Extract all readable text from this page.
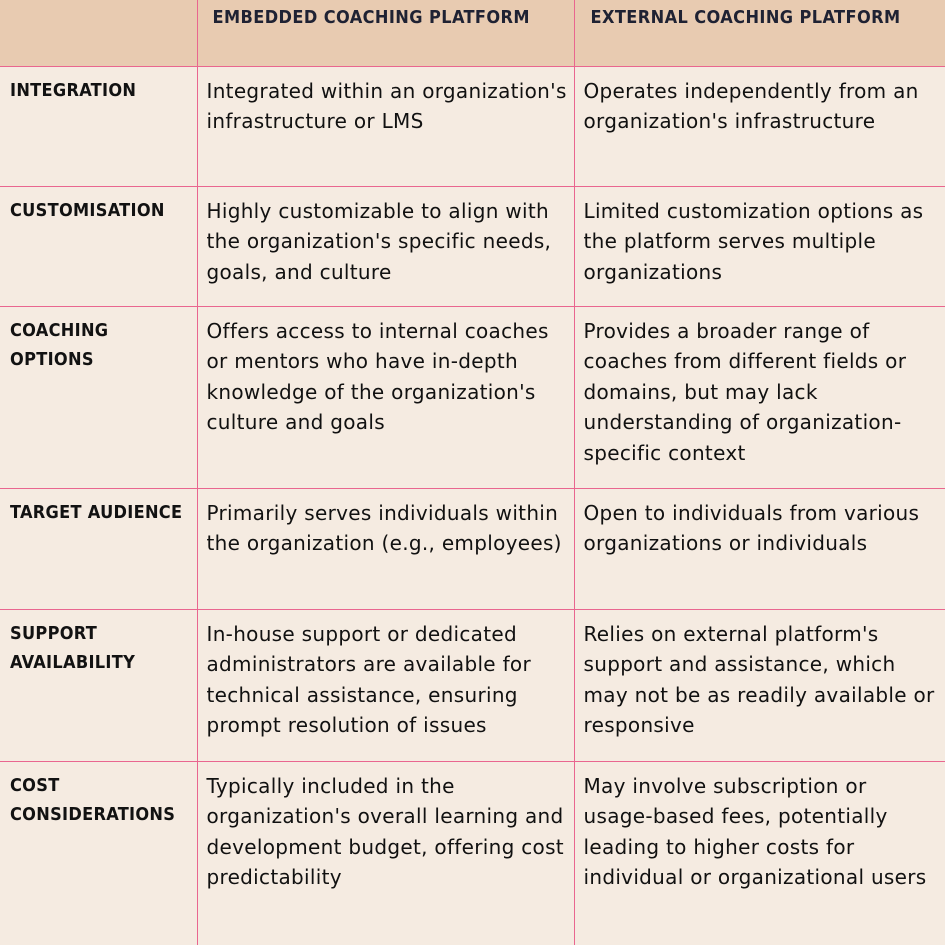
	EMBEDDED COACHING PLATFORM	EXTERNAL COACHING PLATFORM
INTEGRATION	Integrated within an organization's infrastructure or LMS	Operates independently from an organization's infrastructure
CUSTOMISATION	Highly customizable to align with the organization's specific needs, goals, and culture	Limited customization options as the platform serves multiple organizations
COACHING OPTIONS	Offers access to internal coaches or mentors who have in-depth knowledge of the organization's culture and goals	Provides a broader range of coaches from different fields or domains, but may lack understanding of organization-specific context
TARGET AUDIENCE	Primarily serves individuals within the organization (e.g., employees)	Open to individuals from various organizations or individuals
SUPPORT AVAILABILITY	In-house support or dedicated administrators are available for technical assistance, ensuring prompt resolution of issues	Relies on external platform's support and assistance, which may not be as readily available or responsive
COST CONSIDERATIONS	Typically included in the organization's overall learning and development budget, offering cost predictability	May involve subscription or usage-based fees, potentially leading to higher costs for individual or organizational users
